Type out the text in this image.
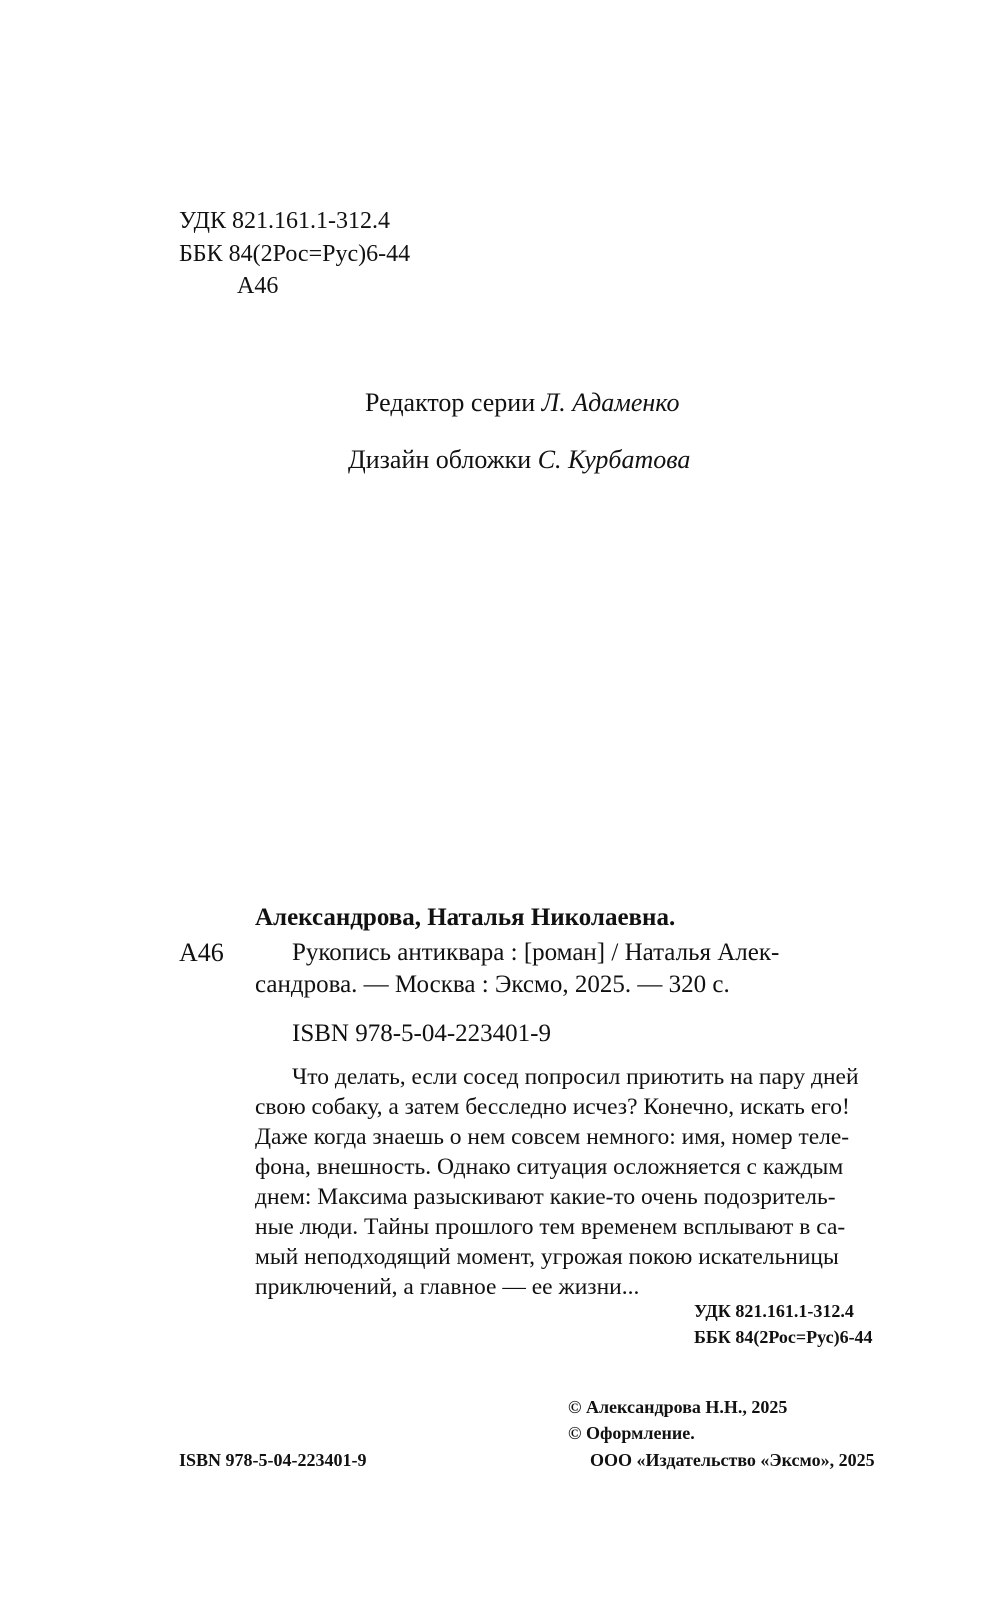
УДК 821.161.1-312.4
ББК 84(2Рос=Рус)6-44
А46
Редактор серии Л. Адаменко
Дизайн обложки С. Курбатова
Александрова, Наталья Николаевна.
А46	Рукопись антиквара : [роман] / Наталья Алек-
сандрова. — Москва : Эксмо, 2025. — 320 с.
ISBN 978-5-04-223401-9
Что делать, если сосед попросил приютить на пару дней
свою собаку, а затем бесследно исчез? Конечно, искать его!
Даже когда знаешь о нем совсем немного: имя, номер теле-
фона, внешность. Однако ситуация осложняется с каждым
днем: Максима разыскивают какие-то очень подозритель-
ные люди. Тайны прошлого тем временем всплывают в са-
мый неподходящий момент, угрожая покою искательницы
приключений, а главное — ее жизни...
УДК 821.161.1-312.4
ББК 84(2Рос=Рус)6-44
© Александрова Н.Н., 2025
© Оформление.
ISBN 978-5-04-223401-9	ООО «Издательство «Эксмо», 2025
